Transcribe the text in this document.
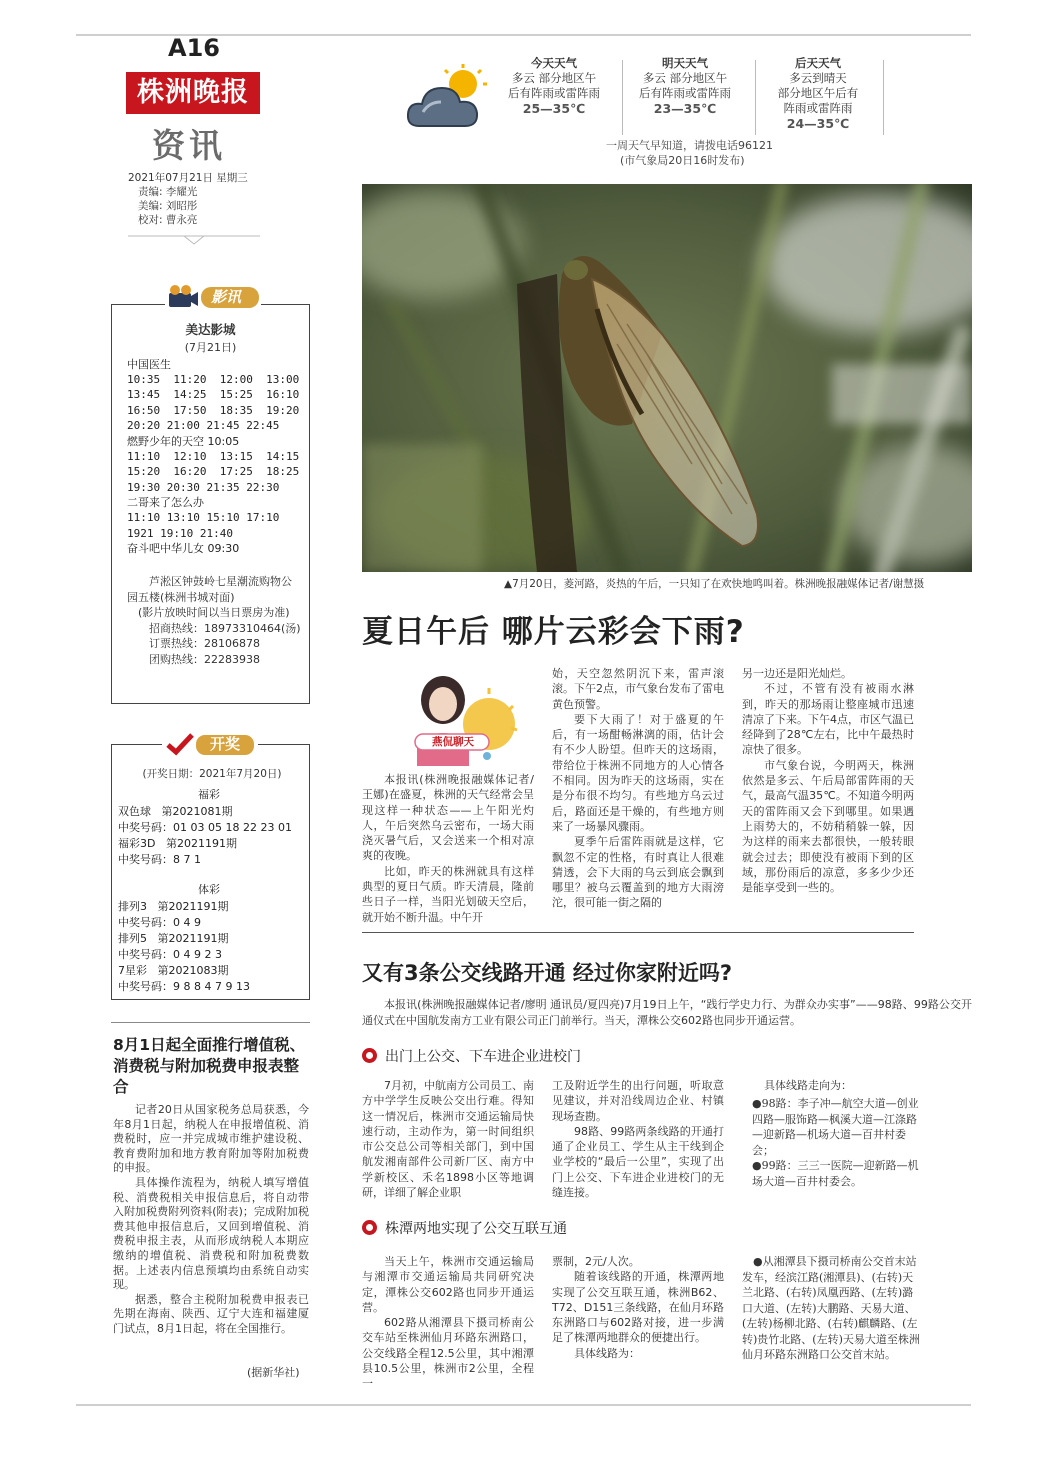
A16
株洲晚报
资讯
2021年07月21日 星期三
责编: 李耀光
美编: 刘昭彤
校对: 曹永亮
今天天气
多云 部分地区午
后有阵雨或雷阵雨
25—35℃
明天天气
多云 部分地区午
后有阵雨或雷阵雨
23—35℃
后天天气
多云到晴天
部分地区午后有
阵雨或雷阵雨
24—35℃
一周天气早知道，请拨电话96121
(市气象局20日16时发布)
▲7月20日，菱河路，炎热的午后，一只知了在欢快地鸣叫着。株洲晚报融媒体记者/谢慧摄
影讯
美达影城
(7月21日)
中国医生
10:35  11:20  12:00  13:00
13:45  14:25  15:25  16:10
16:50  17:50  18:35  19:20
20:20 21:00 21:45 22:45
燃野少年的天空 10:05
11:10  12:10  13:15  14:15
15:20  16:20  17:25  18:25
19:30 20:30 21:35 22:30
二哥来了怎么办
11:10 13:10 15:10 17:10
1921 19:10 21:40
奋斗吧中华儿女 09:30
芦淞区钟鼓岭七星潮流购物公园五楼(株洲书城对面)
(影片放映时间以当日票房为准)
招商热线：18973310464(汤)
订票热线：28106878
团购热线：22283938
开奖
(开奖日期：2021年7月20日)
福彩
双色球   第2021081期
中奖号码：01 03 05 18 22 23 01
福彩3D   第2021191期
中奖号码：8 7 1
体彩
排列3   第2021191期
中奖号码：0 4 9
排列5   第2021191期
中奖号码：0 4 9 2 3
7星彩   第2021083期
中奖号码：9 8 8 4 7 9 13
8月1日起全面推行增值税、消费税与附加税费申报表整合

记者20日从国家税务总局获悉，今年8月1日起，纳税人在申报增值税、消费税时，应一并完成城市维护建设税、教育费附加和地方教育附加等附加税费的申报。

具体操作流程为，纳税人填写增值税、消费税相关申报信息后，将自动带入附加税费附列资料(附表)；完成附加税费其他申报信息后，又回到增值税、消费税申报主表，从而形成纳税人本期应缴纳的增值税、消费税和附加税费数据。上述表内信息预填均由系统自动实现。

据悉，整合主税附加税费申报表已先期在海南、陕西、辽宁大连和福建厦门试点，8月1日起，将在全国推行。

(据新华社)
夏日午后 哪片云彩会下雨?
燕侃聊天

本报讯(株洲晚报融媒体记者/王娜)在盛夏，株洲的天气经常会呈现这样一种状态——上午阳光灼人，午后突然乌云密布，一场大雨浇灭暑气后，又会送来一个相对凉爽的夜晚。

比如，昨天的株洲就具有这样典型的夏日气质。昨天清晨，隆前些日子一样，当阳光划破天空后，就开始不断升温。中午开

始，天空忽然阴沉下来，雷声滚滚。下午2点，市气象台发布了雷电黄色预警。

要下大雨了！对于盛夏的午后，有一场酣畅淋漓的雨，估计会有不少人盼望。但昨天的这场雨，带给位于株洲不同地方的人心情各不相同。因为昨天的这场雨，实在是分布很不均匀。有些地方乌云过后，路面还是干燥的，有些地方则来了一场暴风骤雨。

夏季午后雷阵雨就是这样，它飘忽不定的性格，有时真让人很难猜透，会下大雨的乌云到底会飘到哪里？被乌云覆盖到的地方大雨滂沱，很可能一街之隔的

另一边还是阳光灿烂。

不过，不管有没有被雨水淋到，昨天的那场雨让整座城市迅速清凉了下来。下午4点，市区气温已经降到了28℃左右，比中午最热时凉快了很多。

市气象台说，今明两天，株洲依然是多云、午后局部雷阵雨的天气，最高气温35℃。不知道今明两天的雷阵雨又会下到哪里。如果遇上雨势大的，不妨稍稍躲一躲，因为这样的雨来去都很快，一般转眼就会过去；即使没有被雨下到的区域，那份雨后的凉意，多多少少还是能享受到一些的。

又有3条公交线路开通 经过你家附近吗?
本报讯(株洲晚报融媒体记者/廖明 通讯员/夏四亮)7月19日上午，“践行学史力行、为群众办实事”——98路、99路公交开通仪式在中国航发南方工业有限公司正门前举行。当天，潭株公交602路也同步开通运营。
出门上公交、下车进企业进校门

7月初，中航南方公司员工、南方中学学生反映公交出行难。得知这一情况后，株洲市交通运输局快速行动，主动作为，第一时间组织市公交总公司等相关部门，到中国航发湘南部件公司新厂区、南方中学新校区、禾名1898小区等地调研，详细了解企业职

工及附近学生的出行问题，听取意见建议，并对沿线周边企业、村镇现场查勘。

98路、99路两条线路的开通打通了企业员工、学生从主干线到企业学校的“最后一公里”，实现了出门上公交、下车进企业进校门的无缝连接。

具体线路走向为：

●98路：李子冲—航空大道—创业四路—服饰路—枫溪大道—江涤路—迎新路—机场大道—百井村委会；
●99路：三三一医院—迎新路—机场大道—百井村委会。
株潭两地实现了公交互联互通

当天上午，株洲市交通运输局与湘潭市交通运输局共同研究决定，潭株公交602路也同步开通运营。

602路从湘潭县下摄司桥南公交车站至株洲仙月环路东洲路口，公交线路全程12.5公里，其中湘潭县10.5公里，株洲市2公里，全程一

票制，2元/人次。

随着该线路的开通，株潭两地实现了公交互联互通，株洲B62、T72、D151三条线路，在仙月环路东洲路口与602路对接，进一步满足了株潭两地群众的便捷出行。

具体线路为：

●从湘潭县下摄司桥南公交首末站发车，经滨江路(湘潭县)、(右转)天兰北路、(右转)凤凰西路、(左转)潞口大道、(左转)大鹏路、天易大道、(左转)杨柳北路、(右转)麒麟路、(左转)贵竹北路、(左转)天易大道至株洲仙月环路东洲路口公交首末站。
